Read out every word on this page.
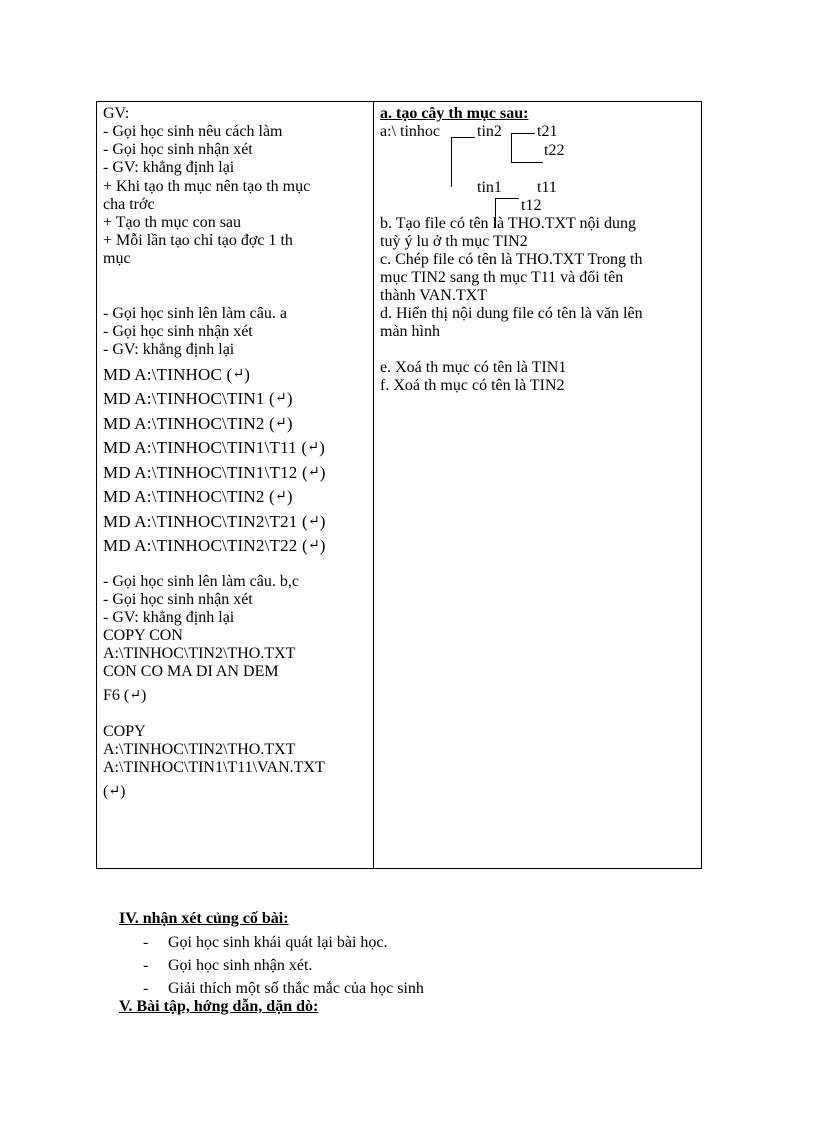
GV:
- Gọi học sinh nêu cách làm
- Gọi học sinh nhận xét
- GV: khẳng định lại
+ Khi tạo th mục nên tạo th mục
cha trớc
+ Tạo th mục con sau
+ Mỗi lần tạo chỉ tạo đợc 1 th
mục
- Gọi học sinh lên làm câu. a
- Gọi học sinh nhận xét
- GV: khẳng định lại
MD A:\TINHOC (↵)
MD A:\TINHOC\TIN1 (↵)
MD A:\TINHOC\TIN2 (↵)
MD A:\TINHOC\TIN1\T11 (↵)
MD A:\TINHOC\TIN1\T12 (↵)
MD A:\TINHOC\TIN2 (↵)
MD A:\TINHOC\TIN2\T21 (↵)
MD A:\TINHOC\TIN2\T22 (↵)
- Gọi học sinh lên làm câu. b,c
- Gọi học sinh nhận xét
- GV: khẳng định lại
COPY CON
A:\TINHOC\TIN2\THO.TXT
CON CO MA DI AN DEM
F6 (↵)
COPY
A:\TINHOC\TIN2\THO.TXT
A:\TINHOC\TIN1\T11\VAN.TXT
(↵)
a. tạo cây th mục sau:
a:\ tinhoc tin2 t21
t22
tin1 t11
t12
b. Tạo file có tên là THO.TXT nội dung
tuỳ ý lu ở th mục TIN2
c. Chép file có tên là THO.TXT Trong th
mục TIN2 sang th mục T11 và đổi tên
thành VAN.TXT
d. Hiển thị nội dung file có tên là văn lên
màn hình
e. Xoá th mục có tên là TIN1
f. Xoá th mục có tên là TIN2
IV. nhận xét củng cố bài:
- Gọi học sinh khái quát lại bài học.
- Gọi học sinh nhận xét.
- Giải thích một số thắc mắc của học sinh
V. Bài tập, hớng dẫn, dặn dò:
